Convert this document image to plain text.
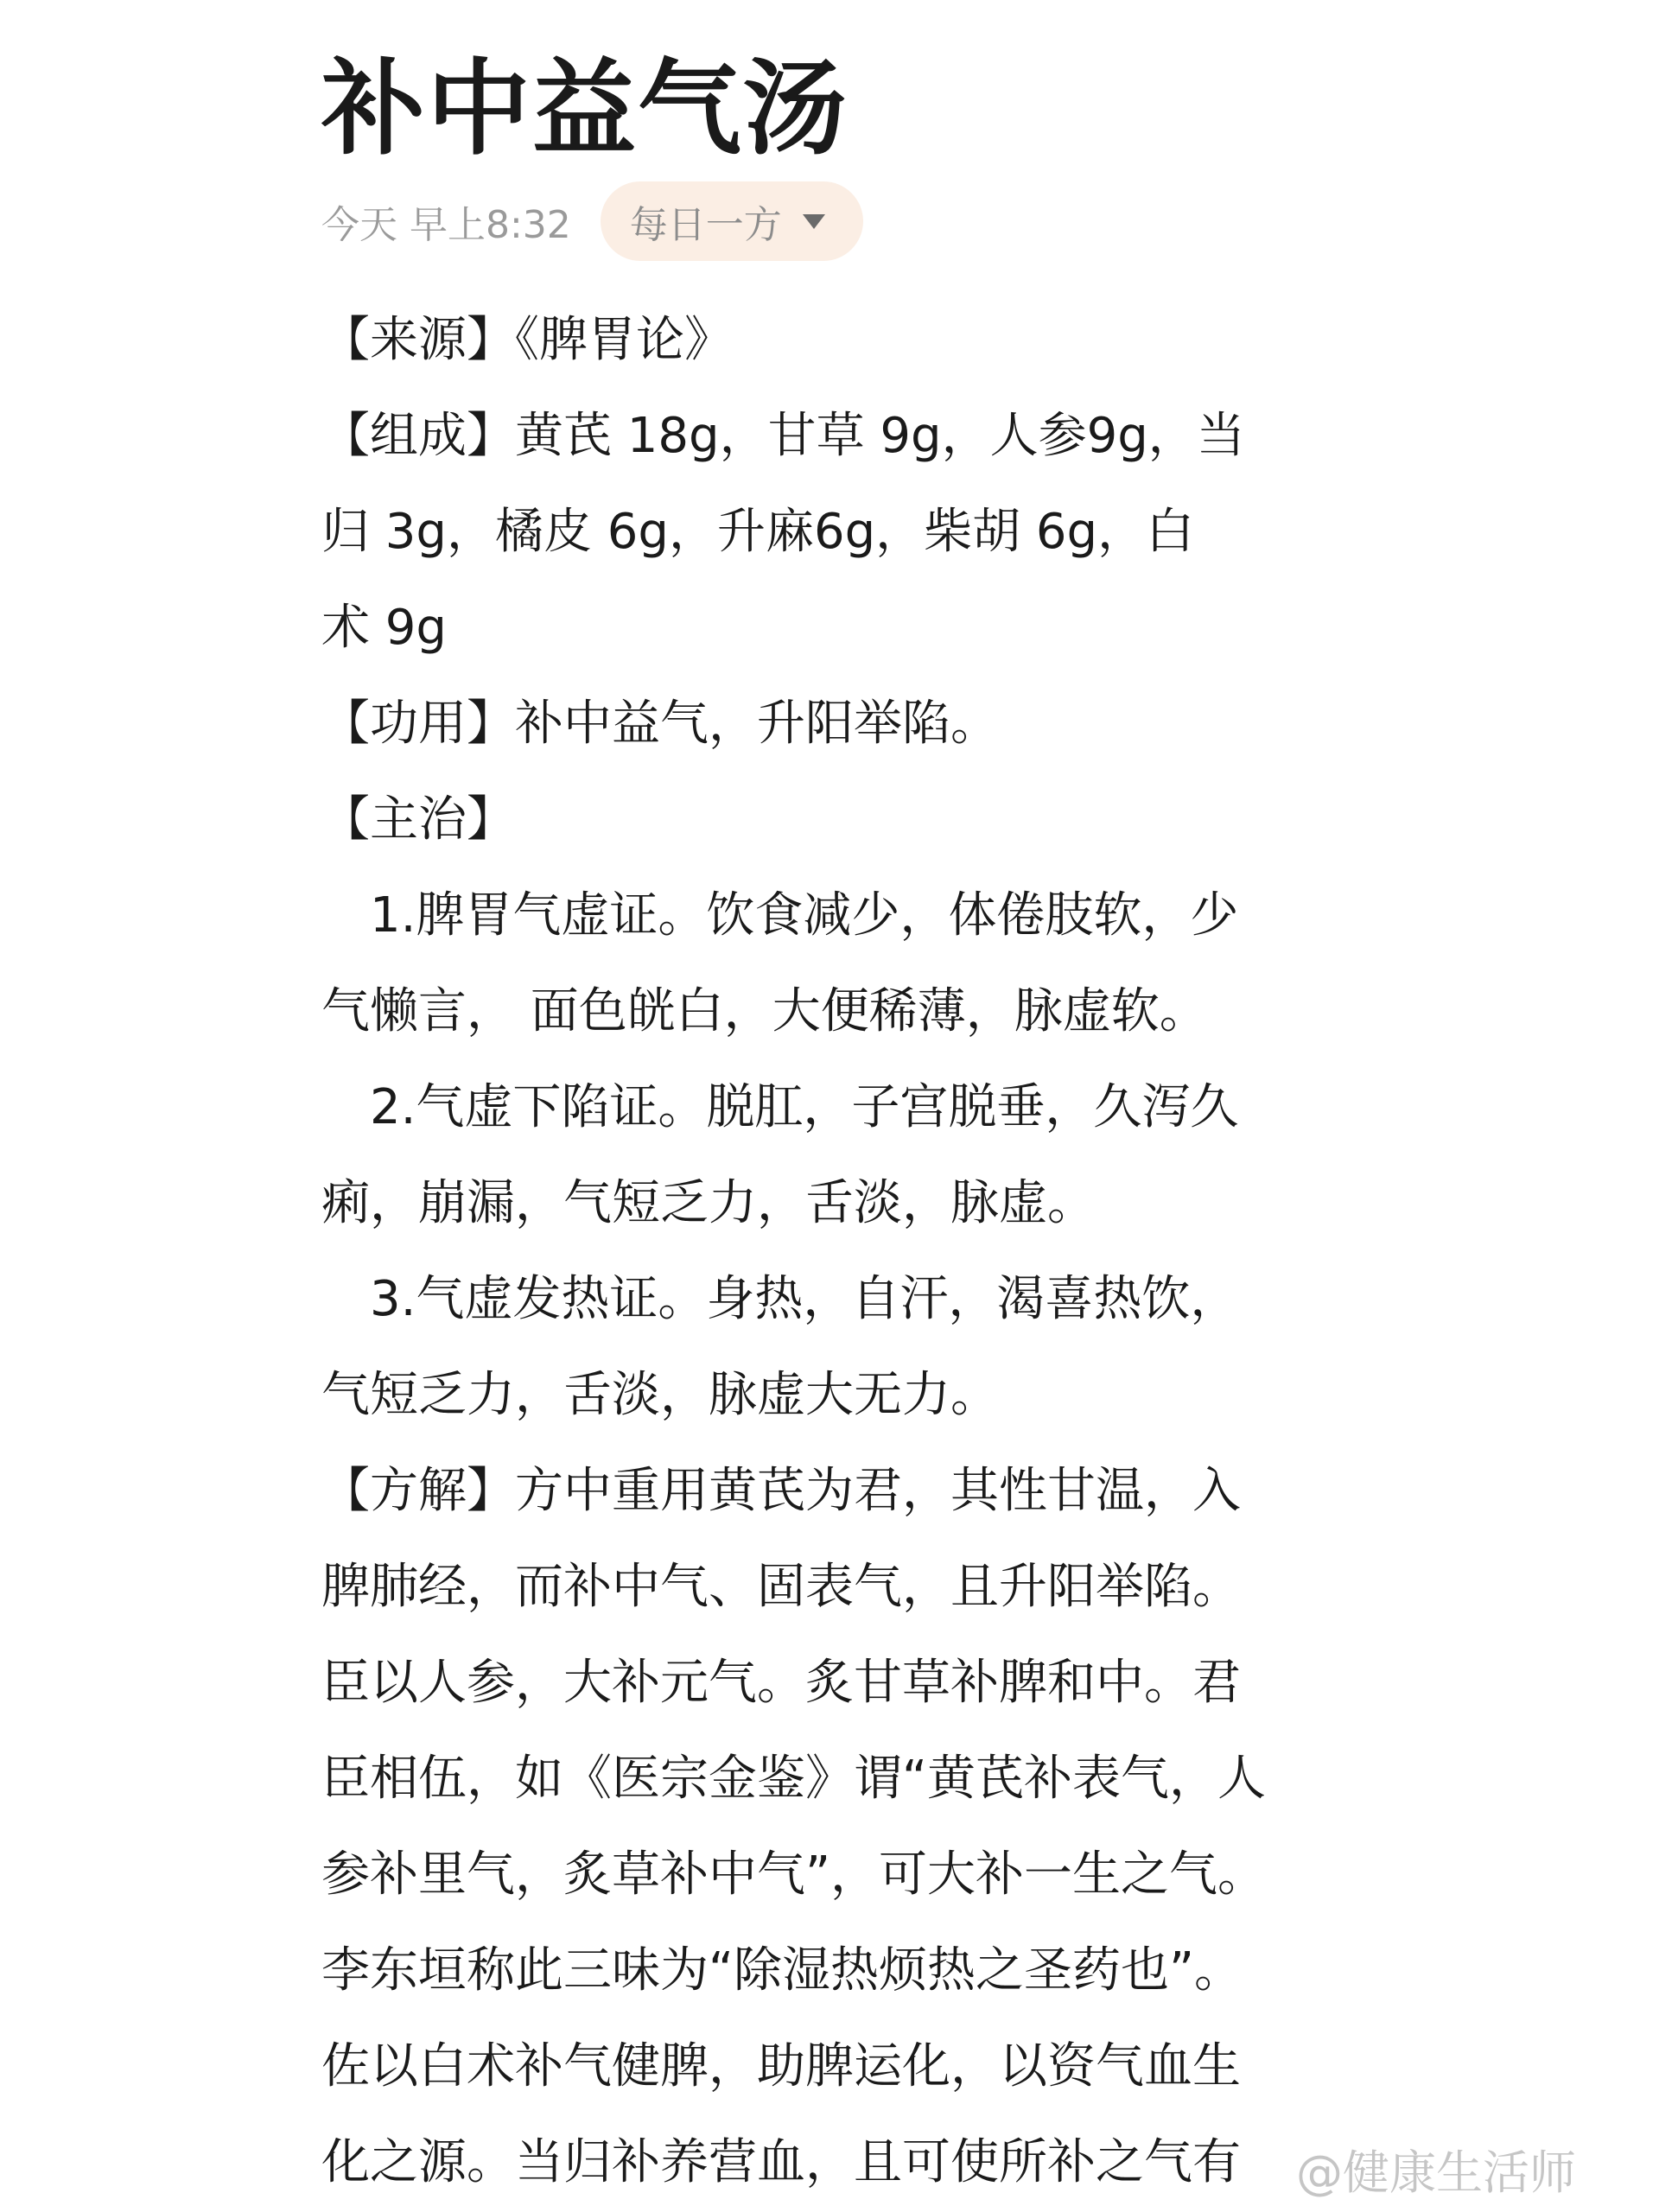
补中益气汤
今天 早上8:32 每日一方
【来源】《脾胃论》
【组成】黄芪 18g，甘草 9g，人参9g，当
归 3g，橘皮 6g，升麻6g，柴胡 6g，白
术 9g
【功用】补中益气，升阳举陷。
【主治】
　1.脾胃气虚证。饮食减少，体倦肢软，少
气懒言， 面色㿠白，大便稀薄，脉虚软。
　2.气虚下陷证。脱肛，子宫脱垂，久泻久
痢，崩漏，气短乏力，舌淡，脉虚。
　3.气虚发热证。身热，自汗，渴喜热饮，
气短乏力，舌淡，脉虚大无力。
【方解】方中重用黄芪为君，其性甘温，入
脾肺经，而补中气、固表气，且升阳举陷。
臣以人参，大补元气。炙甘草补脾和中。君
臣相伍，如《医宗金鉴》谓“黄芪补表气，人
参补里气，炙草补中气”，可大补一生之气。
李东垣称此三味为“除湿热烦热之圣药也”。
佐以白术补气健脾，助脾运化，以资气血生
化之源。当归补养营血，且可使所补之气有	@健康生活师
